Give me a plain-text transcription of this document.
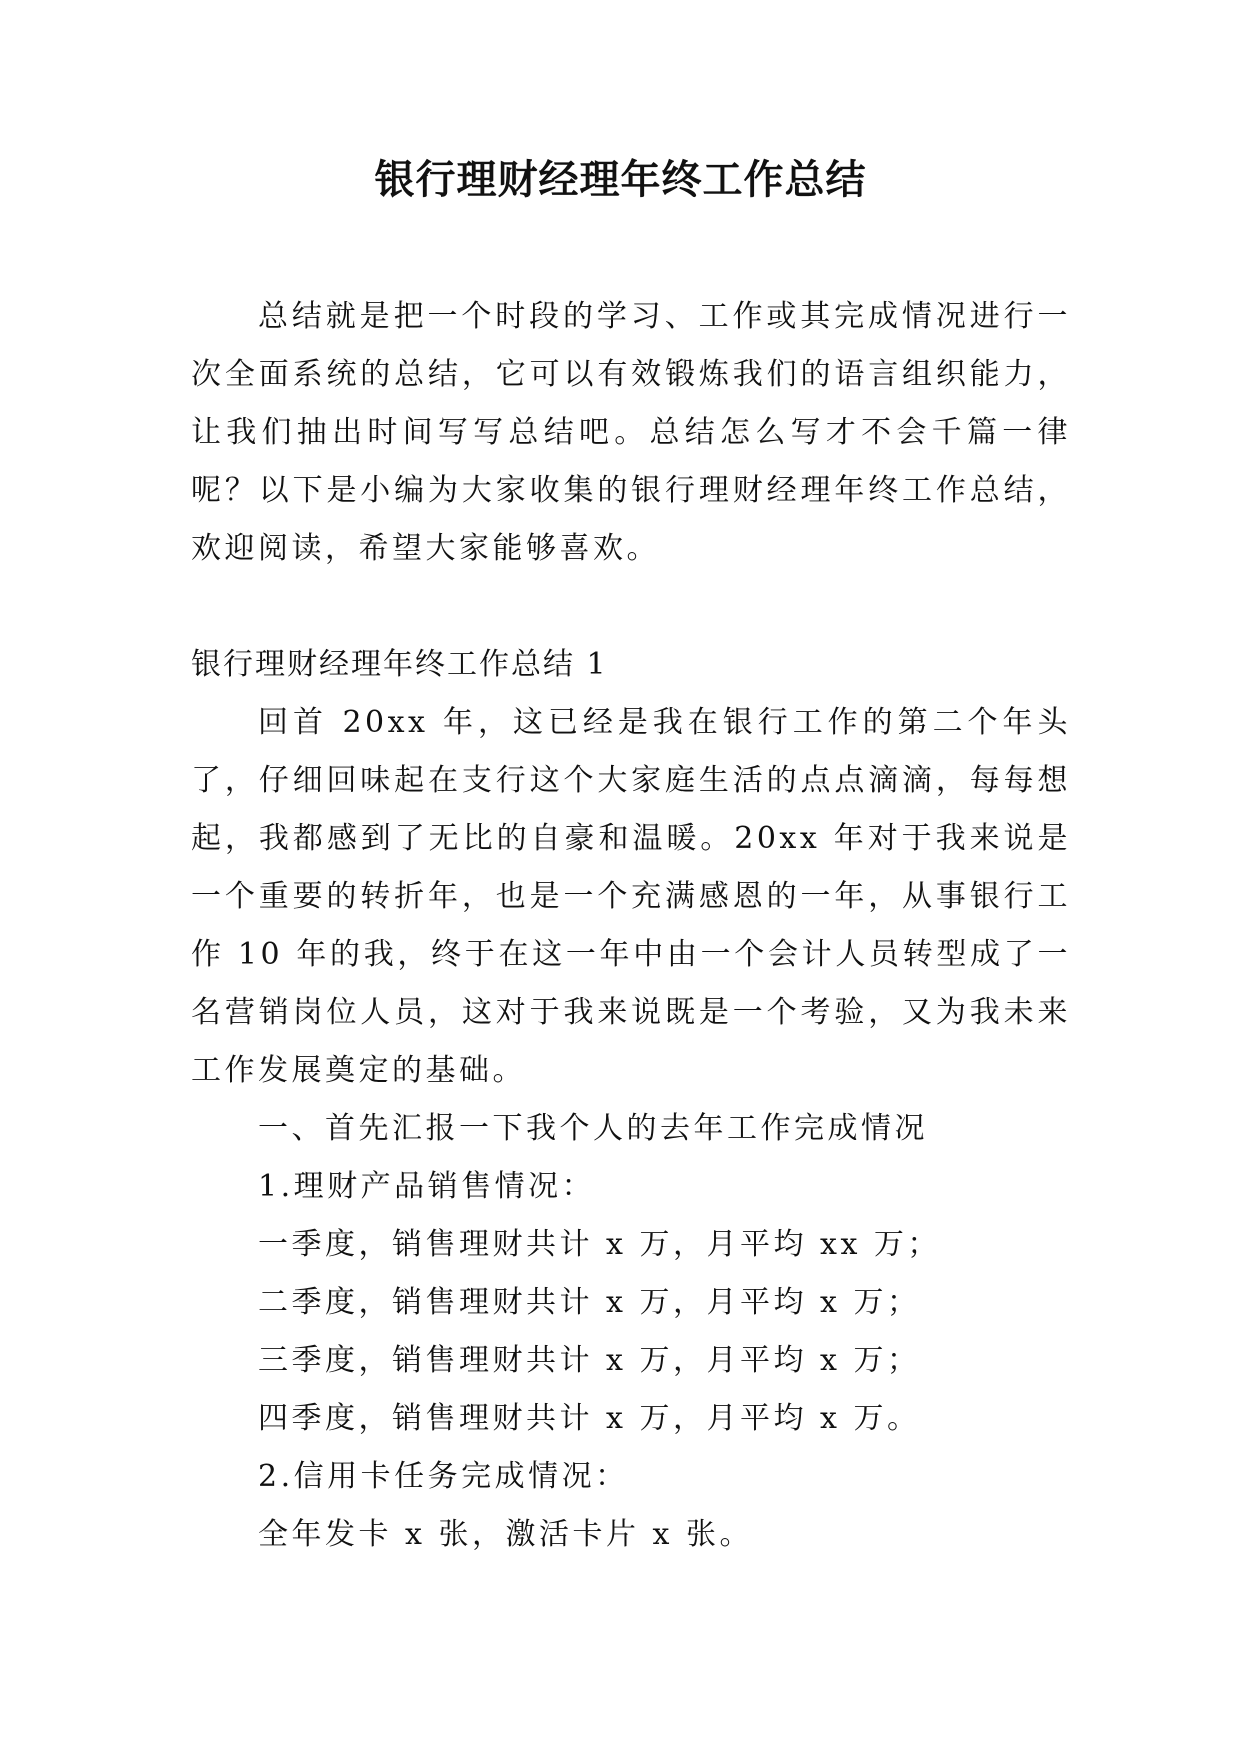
银行理财经理年终工作总结

总结就是把一个时段的学习、工作或其完成情况进行一次全面系统的总结，它可以有效锻炼我们的语言组织能力，让我们抽出时间写写总结吧。总结怎么写才不会千篇一律呢？以下是小编为大家收集的银行理财经理年终工作总结，欢迎阅读，希望大家能够喜欢。

银行理财经理年终工作总结 1

回首 20xx 年，这已经是我在银行工作的第二个年头了，仔细回味起在支行这个大家庭生活的点点滴滴，每每想起，我都感到了无比的自豪和温暖。20xx 年对于我来说是一个重要的转折年，也是一个充满感恩的一年，从事银行工作 10 年的我，终于在这一年中由一个会计人员转型成了一名营销岗位人员，这对于我来说既是一个考验，又为我未来工作发展奠定的基础。

一、首先汇报一下我个人的去年工作完成情况

1.理财产品销售情况：

一季度，销售理财共计 x 万，月平均 xx 万；

二季度，销售理财共计 x 万，月平均 x 万；

三季度，销售理财共计 x 万，月平均 x 万；

四季度，销售理财共计 x 万，月平均 x 万。

2.信用卡任务完成情况：

全年发卡 x 张，激活卡片 x 张。
